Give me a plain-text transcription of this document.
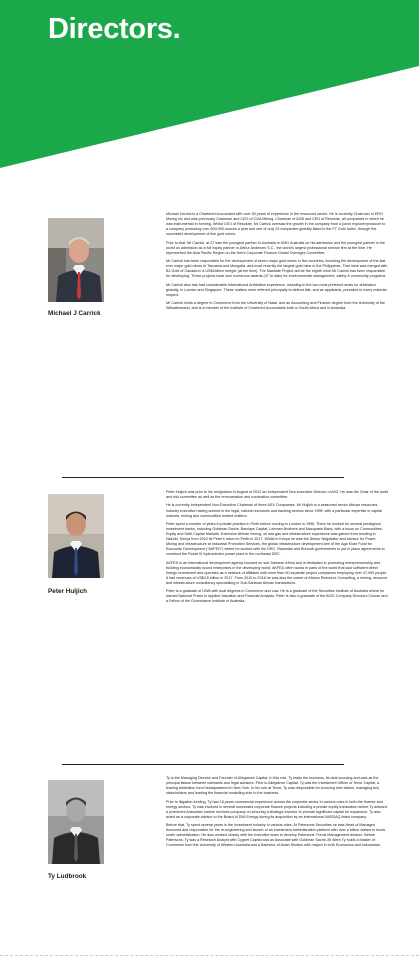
Directors.
Michael J Carrick

Michael Carrick is a Chartered Accountant with over 50 years of experience in the resources sector. He is currently Chairman of ERO Mining Inc and was previously Chairman and CEO of CGA Mining, Chairman of AGB and CEO of Resolute, all companies in which he was instrumental in forming. Whilst CEO of Resolute, Mr Carrick oversaw the growth in the company from a junior explorer/producer to a company producing over 500,000 ounces a year and one of only 25 companies globally listed in the FT Gold Index, through the successful development of five gold mines.

Prior to that, Mr Carrick, at 27 was the youngest partner in Australia in KMG Australia on his admission and the youngest partner in the world on admission as a full equity partner in Arthur Andersen S.C., the world's largest professional service firm at the time. He represented the Asia Pacific Region on the firm's Corporate Finance Global Oversight Committee.

Mr Carrick has been responsible for the development of seven major gold mines in five countries, including the development of the last ever major gold mines in Tanzania and Mongolia, and most recently the largest gold mine in the Philippines. That mine was merged with B2 Gold of Canada in a US$1billion merger (at the time). The Masbate Project will be the eighth mine Mr Carrick has been responsible for developing. These projects have won numerous awards (47 to date) for environmental management, safety & community programs.

Mr Carrick also has had considerable International Arbitration experience, including in the two most preferred seats for arbitration globally, in London and Singapore. These matters were referred principally to defend title, and as applicants, prevailed in every material respect.

Mr Carrick holds a degree in Commerce from the University of Natal, and an Accounting and Finance degree from the University of the Witwatersrand, and is a member of the Institute of Chartered Accountants both in South Africa and in Australia.

Peter Huljich

Peter Huljich was prior to his resignation in August of 2022 an Independent Non-executive Director of AVZ. He was the Chair of the audit and risk committee as well as the remuneration and nomination committee.

He is currently Independent Non-Executive Chairman of three ASX Companies. Mr Huljich is a seasoned senior African resources industry executive having worked in the legal, natural resources and banking sectors since 1995, with a particular expertise in capital markets, mining and commodities related matters.

Peter spent a number of years in private practice in Perth before moving to London in 1998. There he worked for several prestigious investment banks, including Goldman Sachs, Barclays Capital, Lehman Brothers and Macquarie Bank, with a focus on Commodities, Equity and Debt Capital Markets. Extensive African mining, oil and gas and infrastructure experience was gained from residing in Nairobi, Kenya from 2010 till Peter's return to Perth in 2017. Whilst in Kenya he was the Senior Negotiator and Advisor for Power, Mining and Infrastructure at Industrial Promotion Services, the global infrastructure development arm of the Aga Khan Fund for Economic Development ("AKFED") where he worked with the DRC, Rwandan and Burundi governments to put in place agreements to construct the Ruzizi III hydroelectric power plant in the northeast DRC.

AKFED is an international development agency focused on sub-Saharan Africa and is dedicated to promoting entrepreneurship and building economically sound enterprises in the developing world. AKFED often works in parts of the world that lack sufficient direct foreign investment and operates as a network of affiliates with more than 90 separate project companies employing over 47,000 people. It had revenues of US$4.5 billion in 2017. From 2010 to 2016 he was also the owner of African Resource Consulting, a mining, resource and infrastructure consultancy specialising in Sub-Saharan African transactions.

Peter is a graduate of UWA with dual degrees in Commerce and Law. He is a graduate of the Securities Institute of Australia where he earned National Prizes in Applied Valuation and Financial Analysis. Peter is also a graduate of the AICD Company Directors Course and a Fellow of the Governance Institute of Australia.

Ty Ludbrook

Ty is the Managing Director and Founder of Allegiance Capital. In this role, Ty leads the business, its deal sourcing and acts as the principal liaison between claimants and legal advisers. Prior to Allegiance Capital, Ty was the Investment Officer of Tenor Capital, a leading arbitration fund headquartered in New York. In his role at Tenor, Ty was responsible for sourcing new claims, managing key stakeholders and leading the financial modelling side to the business.

Prior to litigation funding, Ty had 15-years commercial experience across the corporate sector in various roles in both the finance and energy sectors. Ty was involved in several successful corporate finance projects including a private equity transaction where Ty advised a prominent Australian marine services company on securing a strategic investor to provide significant capital for expansion. Ty also acted as a corporate advisor to the Board of DMI Energy during its acquisition by an international NASDAQ listed company.

Before that, Ty spent several years in the investment industry in various roles. At Patersons Securities he was Head of Managed Accounts and responsible for the re-engineering and launch of an investment administration platform with over a billion dollars in funds under administration. He also worked closely with the executive team to develop Patersons' Funds Management division. Before Patersons, Ty was a Research Analyst with Cygnet Capital and an Associate with Goldman Sachs JB Were.Ty holds a Master of Commerce from the University of Western Australia and a Bachelor of Asian Studies with majors in both Economics and Indonesian.
